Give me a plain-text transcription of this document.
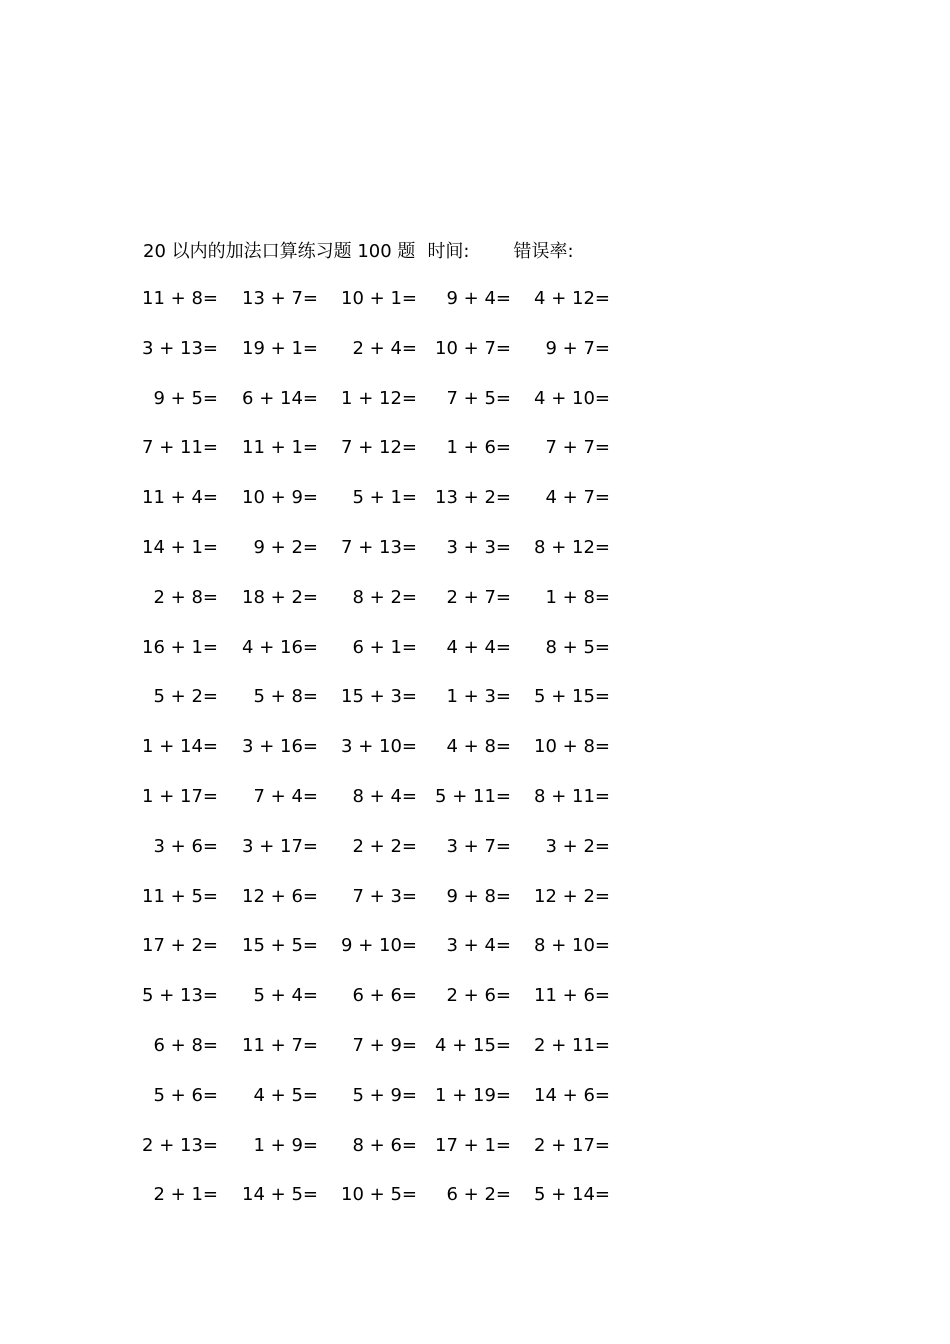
20 以内的加法口算练习题 100 题 时间: 错误率:
11 + 8= 13 + 7= 10 + 1= 9 + 4= 4 + 12=
3 + 13= 19 + 1= 2 + 4= 10 + 7= 9 + 7=
9 + 5= 6 + 14= 1 + 12= 7 + 5= 4 + 10=
7 + 11= 11 + 1= 7 + 12= 1 + 6= 7 + 7=
11 + 4= 10 + 9= 5 + 1= 13 + 2= 4 + 7=
14 + 1= 9 + 2= 7 + 13= 3 + 3= 8 + 12=
2 + 8= 18 + 2= 8 + 2= 2 + 7= 1 + 8=
16 + 1= 4 + 16= 6 + 1= 4 + 4= 8 + 5=
5 + 2= 5 + 8= 15 + 3= 1 + 3= 5 + 15=
1 + 14= 3 + 16= 3 + 10= 4 + 8= 10 + 8=
1 + 17= 7 + 4= 8 + 4= 5 + 11= 8 + 11=
3 + 6= 3 + 17= 2 + 2= 3 + 7= 3 + 2=
11 + 5= 12 + 6= 7 + 3= 9 + 8= 12 + 2=
17 + 2= 15 + 5= 9 + 10= 3 + 4= 8 + 10=
5 + 13= 5 + 4= 6 + 6= 2 + 6= 11 + 6=
6 + 8= 11 + 7= 7 + 9= 4 + 15= 2 + 11=
5 + 6= 4 + 5= 5 + 9= 1 + 19= 14 + 6=
2 + 13= 1 + 9= 8 + 6= 17 + 1= 2 + 17=
2 + 1= 14 + 5= 10 + 5= 6 + 2= 5 + 14=
